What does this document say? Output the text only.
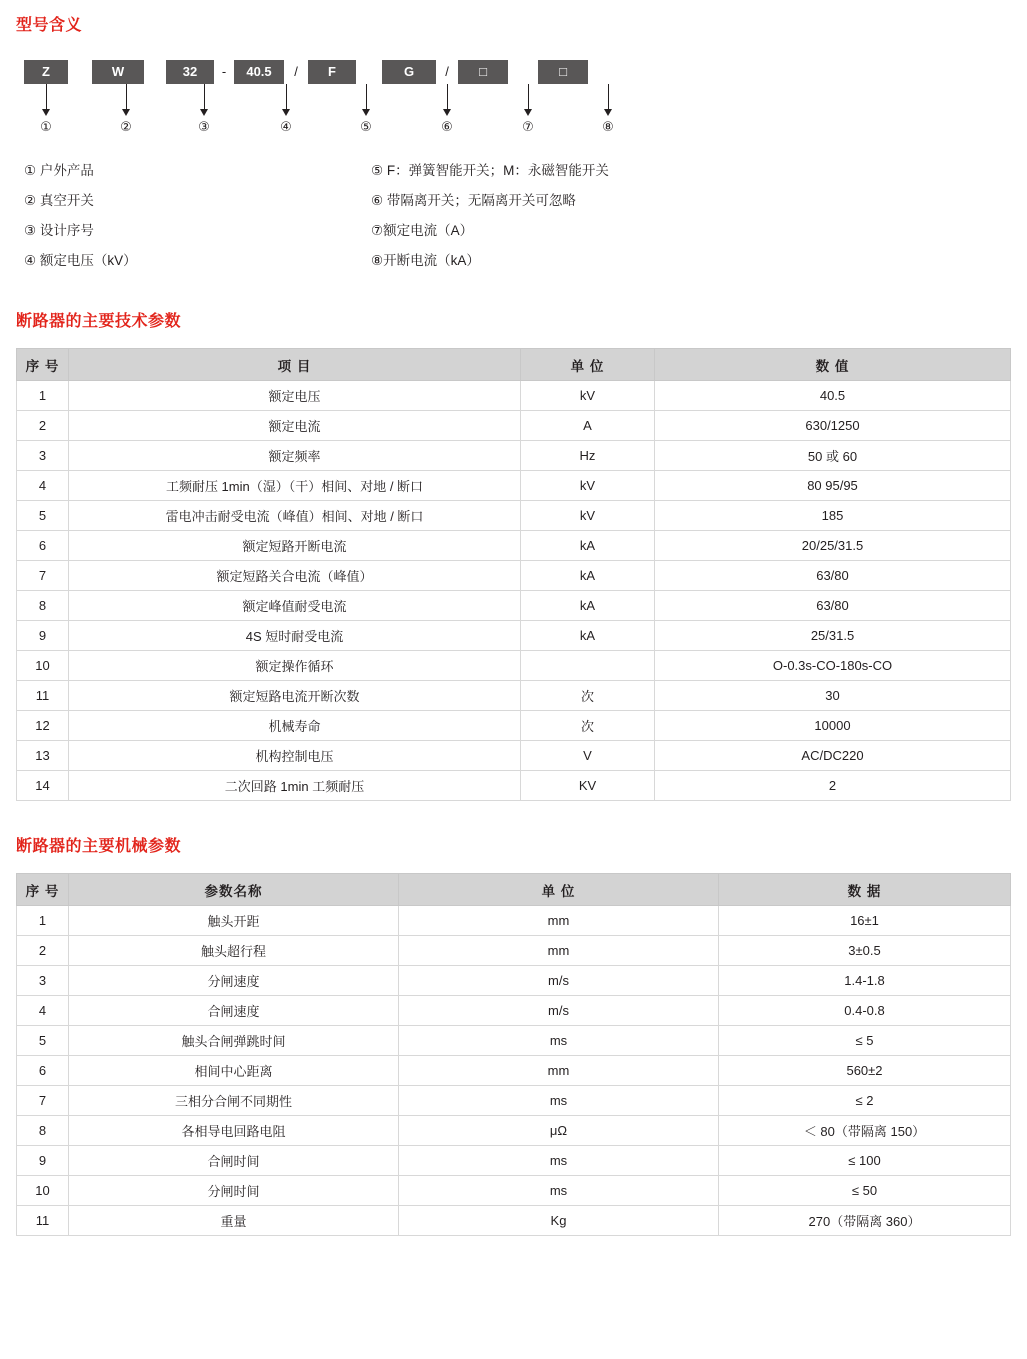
型号含义
Z	W	32	-	40.5	/	F	G	/	□	□
①	②	③	④	⑤	⑥	⑦	⑧
① 户外产品
② 真空开关
③ 设计序号
④ 额定电压（kV）
⑤ F：弹簧智能开关；M：永磁智能开关
⑥ 带隔离开关；无隔离开关可忽略
⑦额定电流（A）
⑧开断电流（kA）
断路器的主要技术参数
序 号	项 目	单 位	数 值
1	额定电压	kV	40.5
2	额定电流	A	630/1250
3	额定频率	Hz	50 或 60
4	工频耐压 1min（湿）（干）相间、对地 / 断口	kV	80 95/95
5	雷电冲击耐受电流（峰值）相间、对地 / 断口	kV	185
6	额定短路开断电流	kA	20/25/31.5
7	额定短路关合电流（峰值）	kA	63/80
8	额定峰值耐受电流	kA	63/80
9	4S 短时耐受电流	kA	25/31.5
10	额定操作循环		O-0.3s-CO-180s-CO
11	额定短路电流开断次数	次	30
12	机械寿命	次	10000
13	机构控制电压	V	AC/DC220
14	二次回路 1min 工频耐压	KV	2
断路器的主要机械参数
序 号	参数名称	单 位	数 据
1	触头开距	mm	16±1
2	触头超行程	mm	3±0.5
3	分闸速度	m/s	1.4-1.8
4	合闸速度	m/s	0.4-0.8
5	触头合闸弹跳时间	ms	≤ 5
6	相间中心距离	mm	560±2
7	三相分合闸不同期性	ms	≤ 2
8	各相导电回路电阻	μΩ	＜ 80（带隔离 150）
9	合闸时间	ms	≤ 100
10	分闸时间	ms	≤ 50
11	重量	Kg	270（带隔离 360）
